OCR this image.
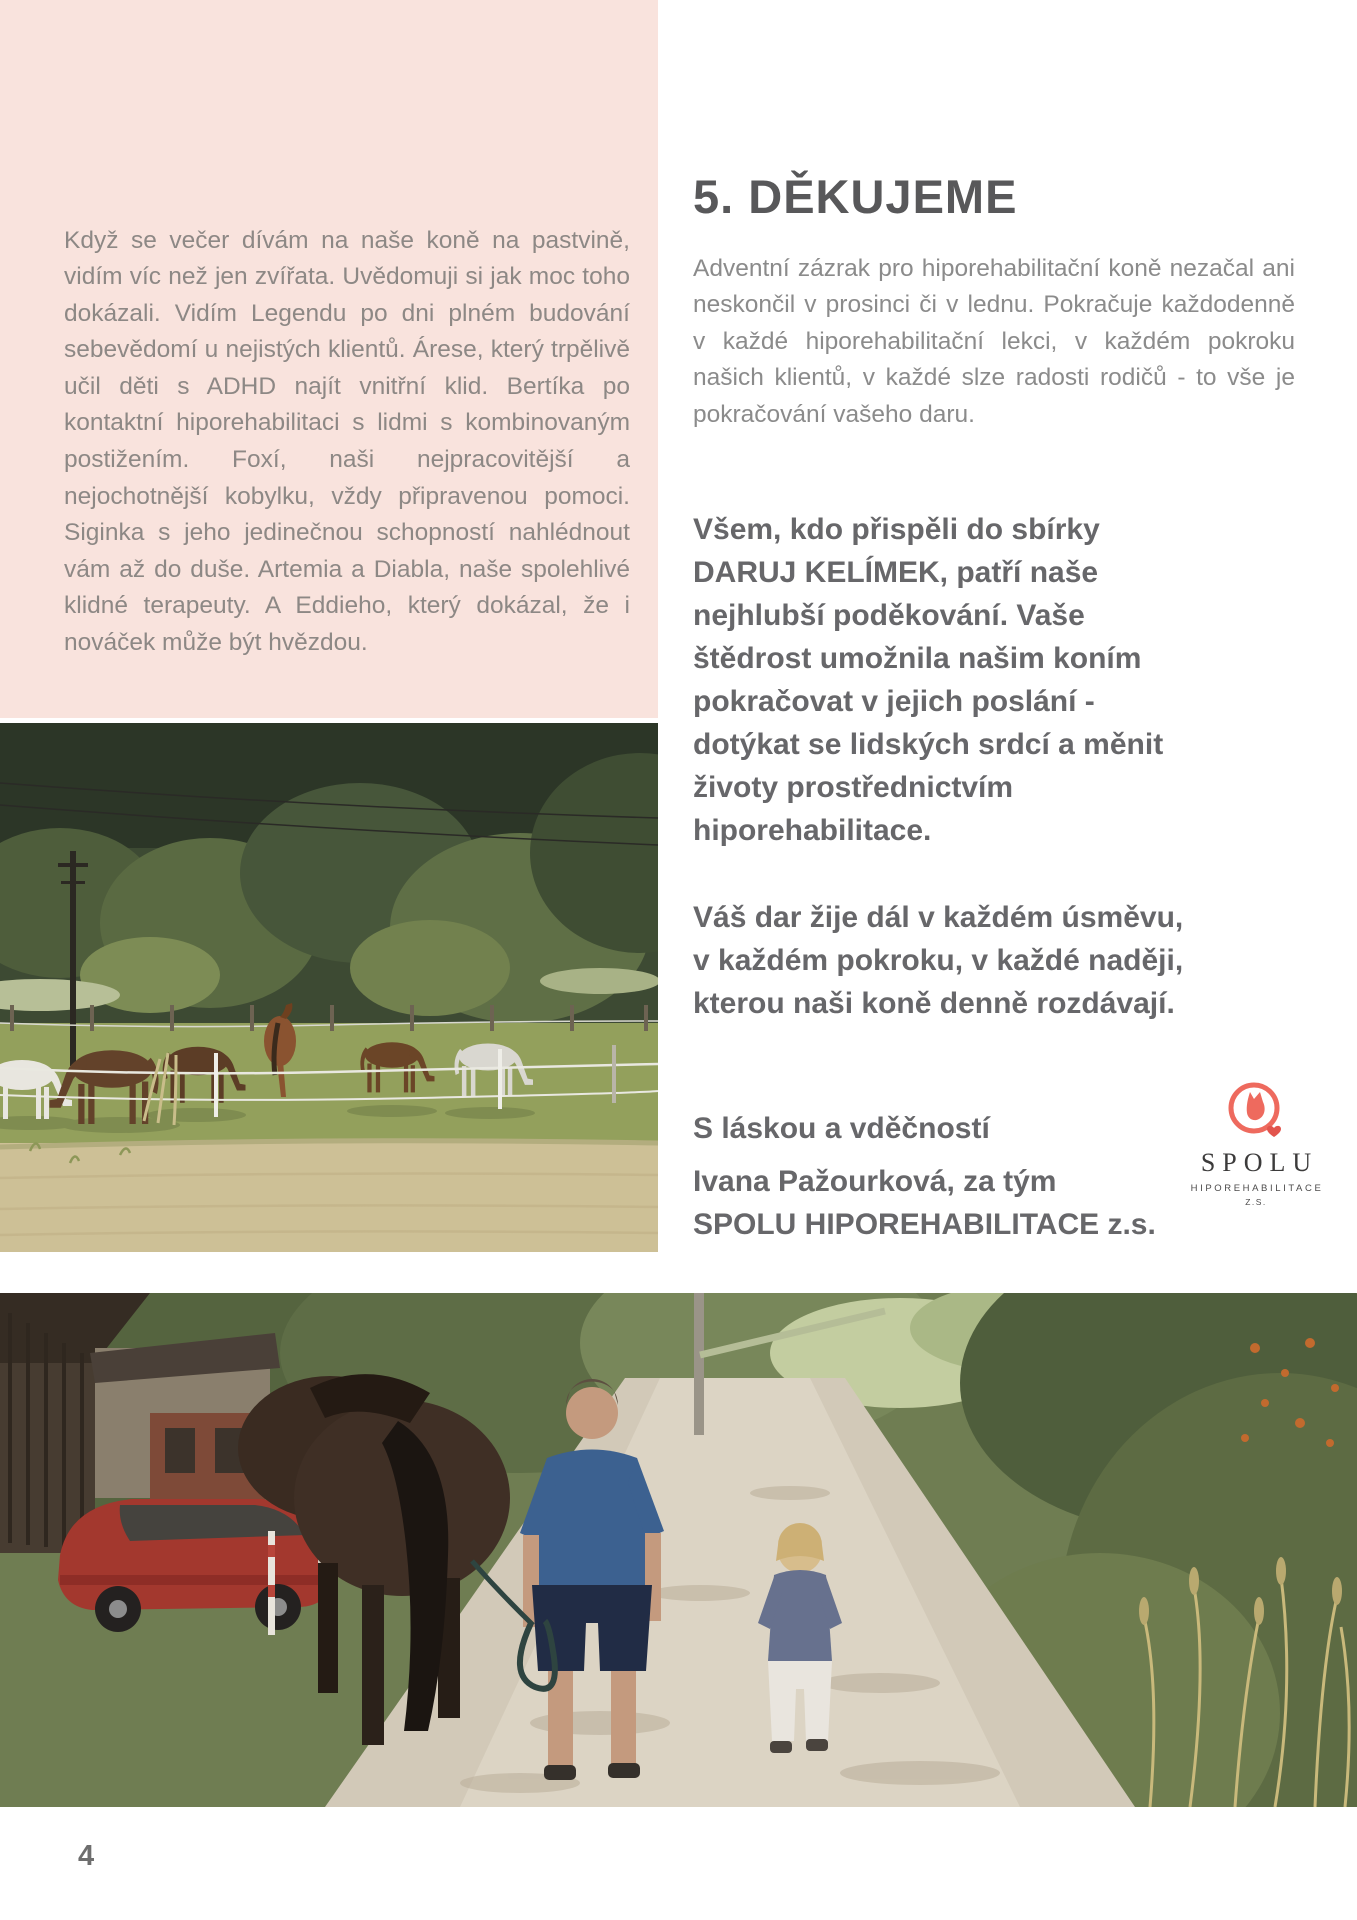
Když se večer dívám na naše koně na pastvině, vidím víc než jen zvířata. Uvědomuji si jak moc toho dokázali. Vidím Legendu po dni plném budování sebevědomí u nejistých klientů. Árese, který trpělivě učil děti s ADHD najít vnitřní klid. Bertíka po kontaktní hiporehabilitaci s lidmi s kombinovaným postižením. Foxí, naši nejpracovitější a nejochotnější kobylku, vždy připravenou pomoci. Siginka s jeho jedinečnou schopností nahlédnout vám až do duše. Artemia a Diabla, naše spolehlivé klidné terapeuty. A Eddieho, který dokázal, že i nováček může být hvězdou.

5. DĚKUJEME

Adventní zázrak pro hiporehabilitační koně nezačal ani neskončil v prosinci či v lednu. Pokračuje každodenně v každé hiporehabilitační lekci, v každém pokroku našich klientů, v každé slze radosti rodičů - to vše je pokračování vašeho daru.

Všem, kdo přispěli do sbírky DARUJ KELÍMEK, patří naše nejhlubší poděkování. Vaše štědrost umožnila našim koním pokračovat v jejich poslání - dotýkat se lidských srdcí a měnit životy prostřednictvím hiporehabilitace.

Váš dar žije dál v každém úsměvu, v každém pokroku, v každé naději, kterou naši koně denně rozdávají.

S láskou a vděčností

SPOLU
HIPOREHABILITACE
Z.S.
Ivana Pažourková, za tým
SPOLU HIPOREHABILITACE z.s.
4
